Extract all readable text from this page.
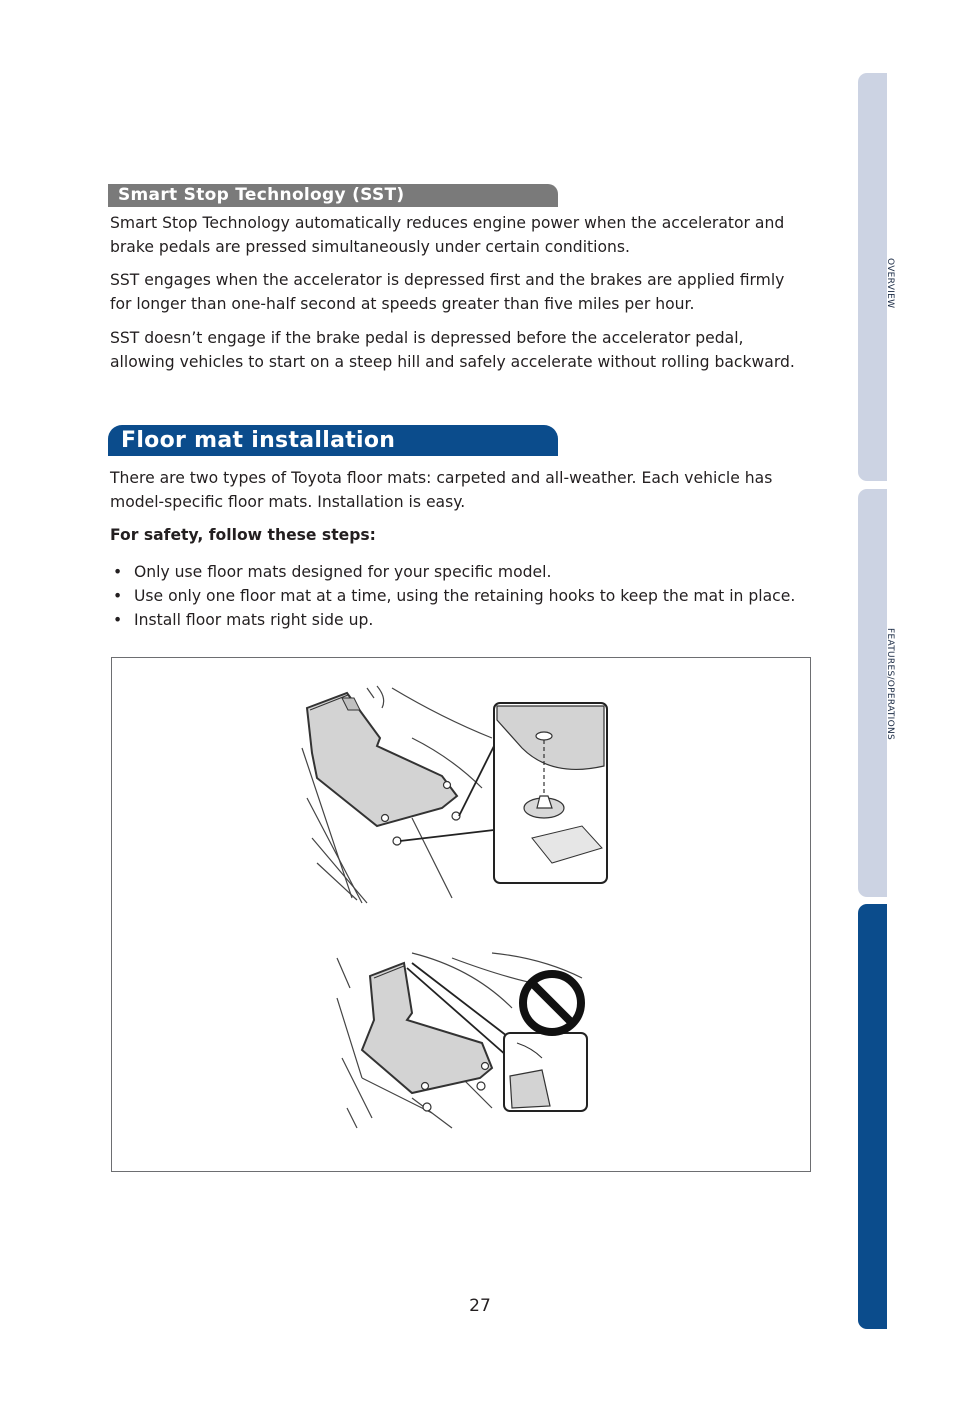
OVERVIEW
FEATURES/OPERATIONS
SAFETY AND EMERGENCY FEATURES
Smart Stop Technology (SST)

Smart Stop Technology automatically reduces engine power when the accelerator and brake pedals are pressed simultaneously under certain conditions.

SST engages when the accelerator is depressed first and the brakes are applied firmly for longer than one-half second at speeds greater than five miles per hour.

SST doesn’t engage if the brake pedal is depressed before the accelerator pedal, allowing vehicles to start on a steep hill and safely accelerate without rolling backward.

Floor mat installation

There are two types of Toyota floor mats: carpeted and all-weather. Each vehicle has model-specific floor mats. Installation is easy.

For safety, follow these steps:

• Only use floor mats designed for your specific model.
• Use only one floor mat at a time, using the retaining hooks to keep the mat in place.
• Install floor mats right side up.
27
